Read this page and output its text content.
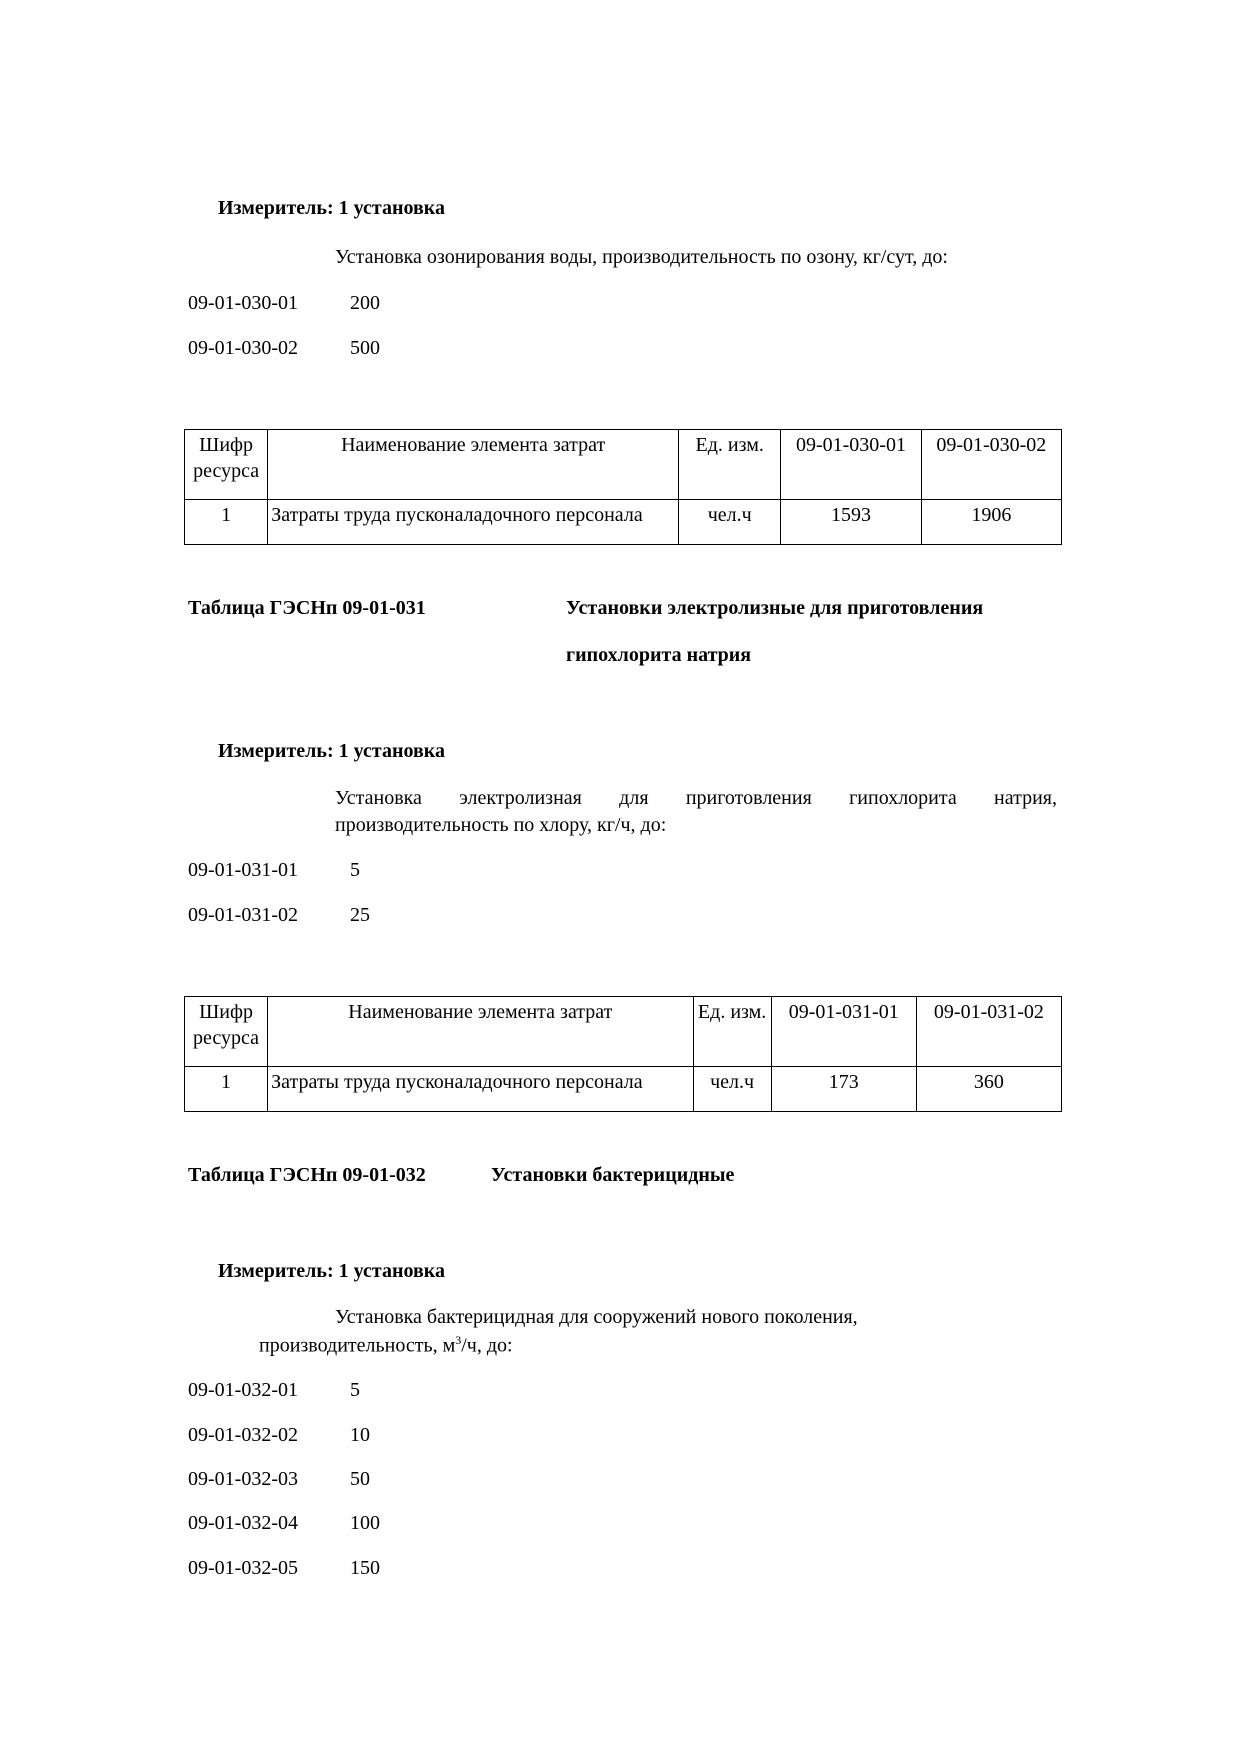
Измеритель: 1 установка
Установка озонирования воды, производительность по озону, кг/сут, до:
09-01-030-01	200
09-01-030-02	500
Шифр ресурса	Наименование элемента затрат	Ед. изм.	09-01-030-01	09-01-030-02
1	Затраты труда пусконаладочного персонала	чел.ч	1593	1906
Таблица ГЭСНп 09-01-031	Установки электролизные для приготовления
гипохлорита натрия
Измеритель: 1 установка
Установка электролизная для приготовления гипохлорита натрия, производительность по хлору, кг/ч, до:
09-01-031-01	5
09-01-031-02	25
Шифр ресурса	Наименование элемента затрат	Ед. изм.	09-01-031-01	09-01-031-02
1	Затраты труда пусконаладочного персонала	чел.ч	173	360
Таблица ГЭСНп 09-01-032	Установки бактерицидные
Измеритель: 1 установка
Установка бактерицидная для сооружений нового поколения,
производительность, $м^3/ч$, до:
09-01-032-01	5
09-01-032-02	10
09-01-032-03	50
09-01-032-04	100
09-01-032-05	150
